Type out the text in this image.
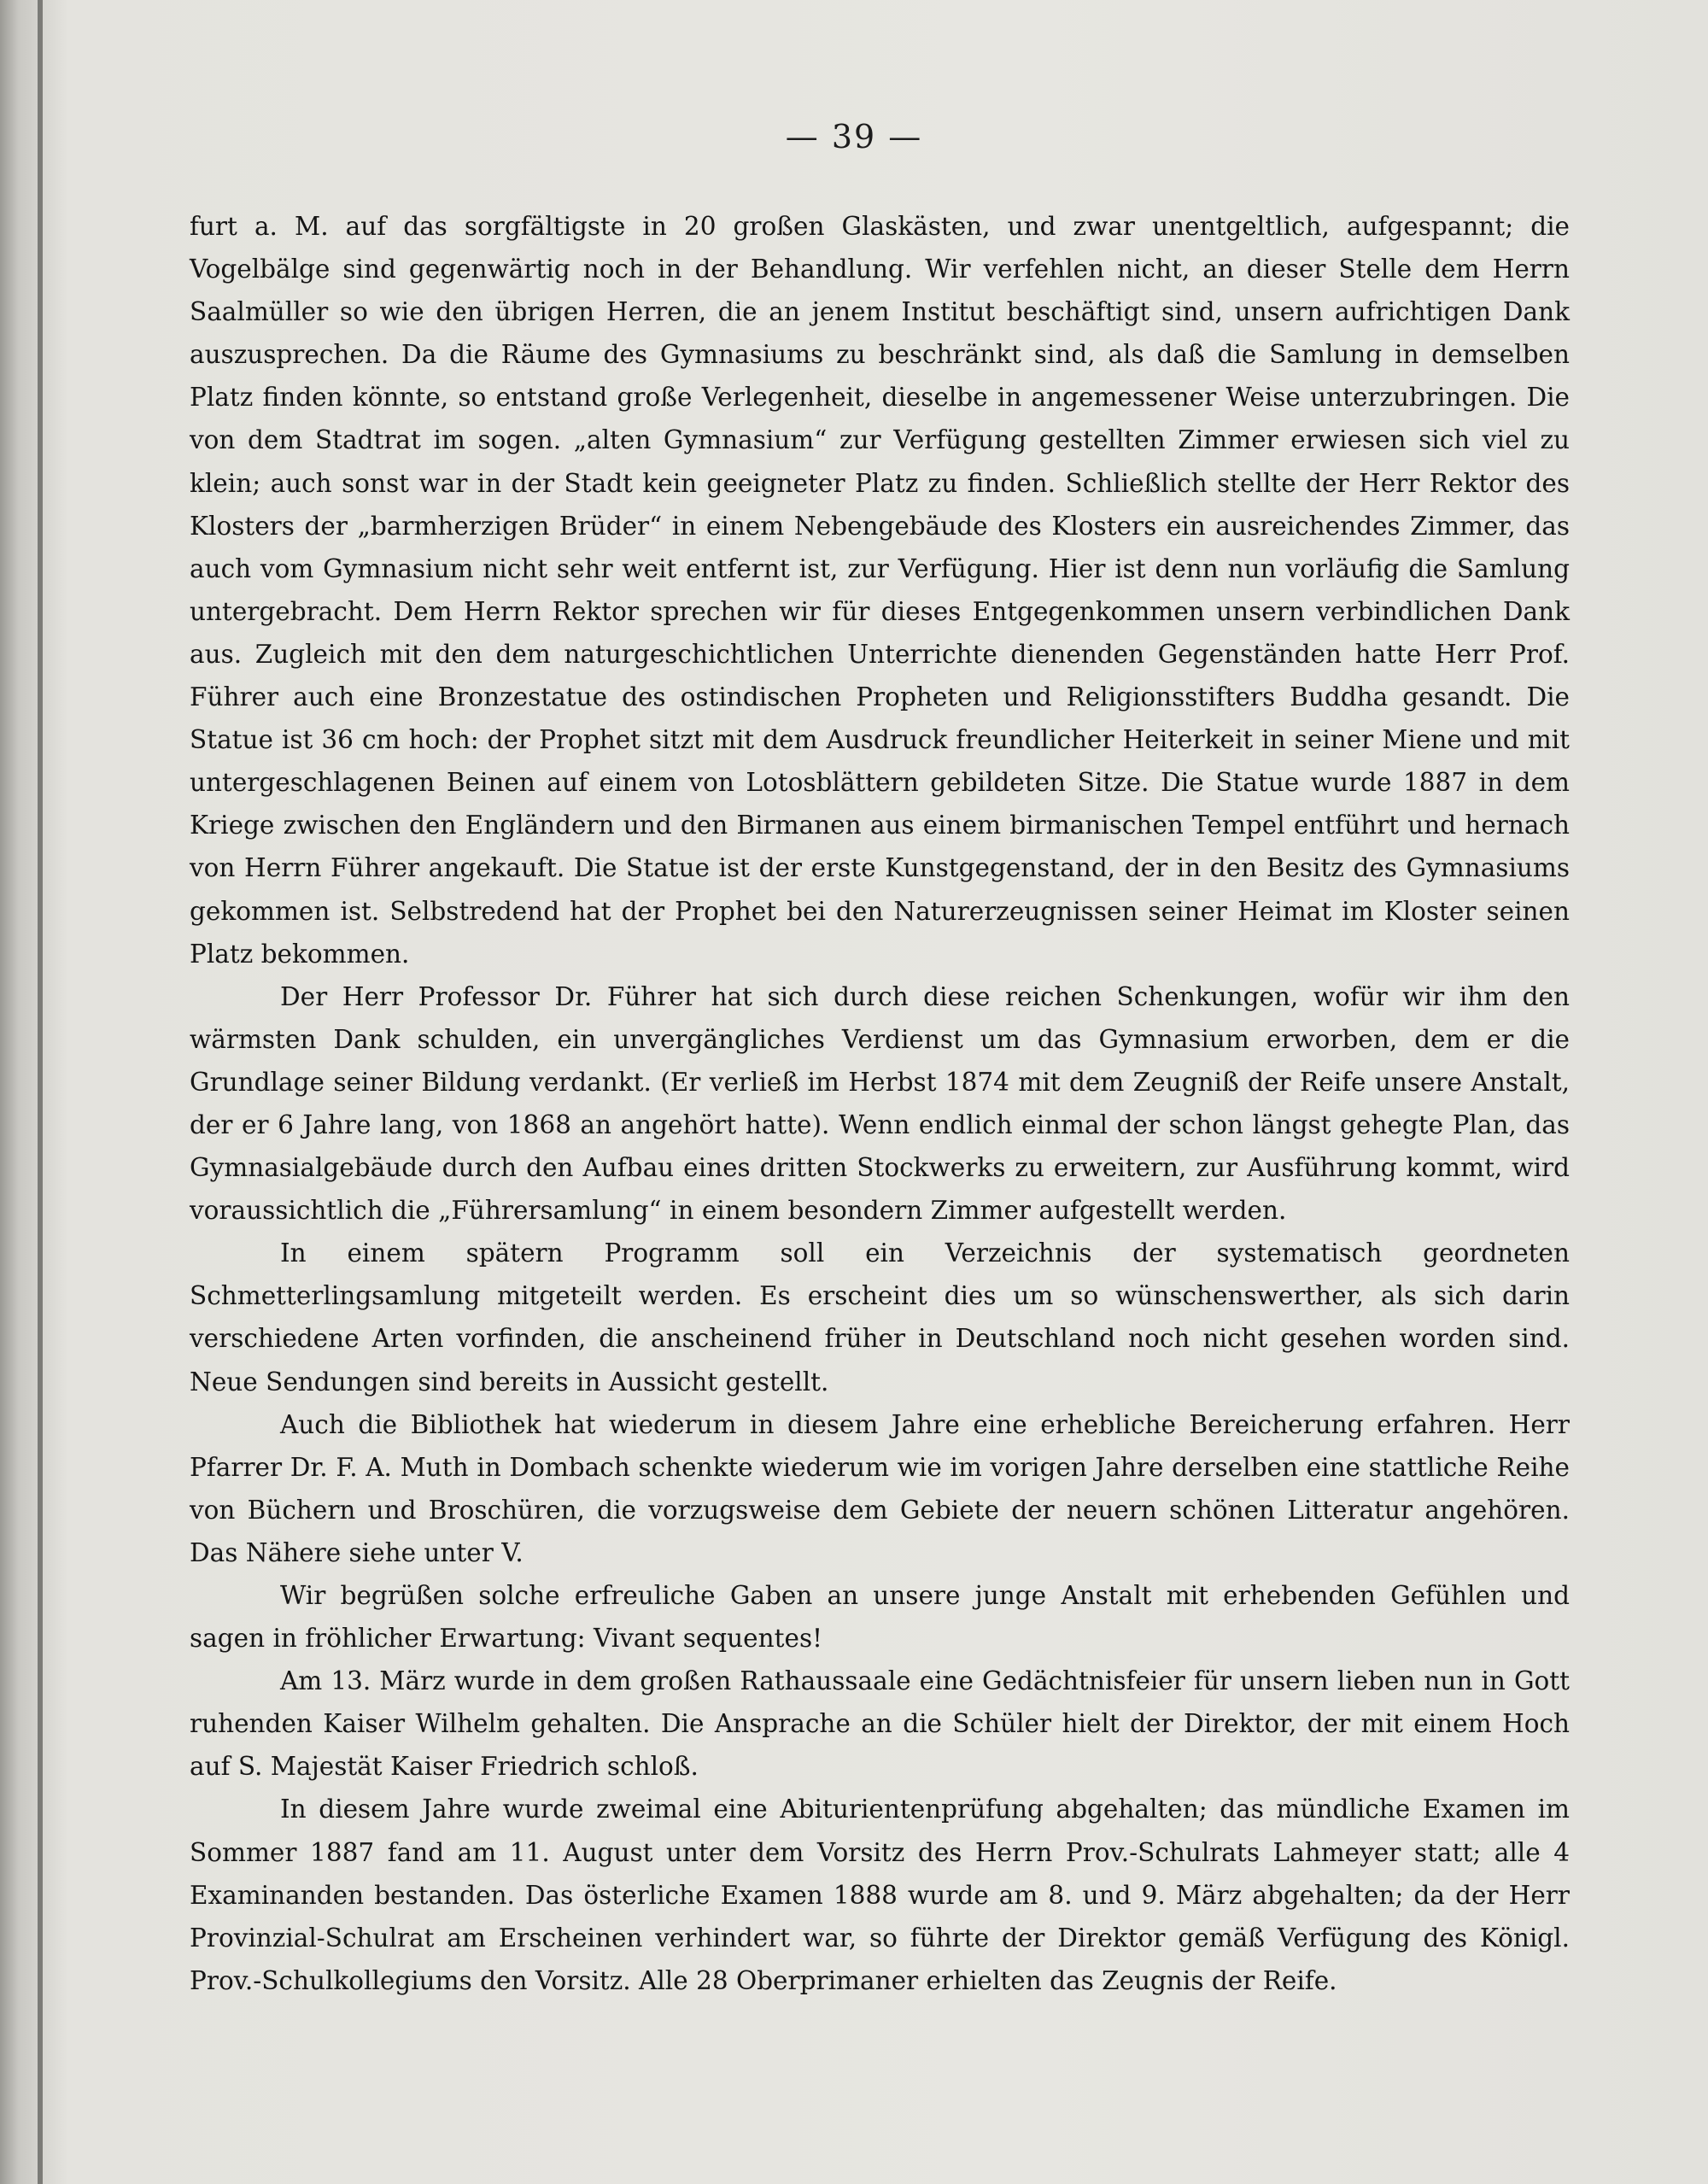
— 39 —

furt a. M. auf das sorgfältigste in 20 großen Glaskästen, und zwar unentgeltlich, aufgespannt; die Vogelbälge sind gegenwärtig noch in der Behandlung. Wir verfehlen nicht, an dieser Stelle dem Herrn Saalmüller so wie den übrigen Herren, die an jenem Institut beschäftigt sind, unsern aufrichtigen Dank auszusprechen. Da die Räume des Gymnasiums zu beschränkt sind, als daß die Samlung in demselben Platz finden könnte, so entstand große Verlegenheit, dieselbe in angemessener Weise unterzubringen. Die von dem Stadtrat im sogen. „alten Gymnasium“ zur Verfügung gestellten Zimmer erwiesen sich viel zu klein; auch sonst war in der Stadt kein geeigneter Platz zu finden. Schließlich stellte der Herr Rektor des Klosters der „barmherzigen Brüder“ in einem Nebengebäude des Klosters ein ausreichendes Zimmer, das auch vom Gymnasium nicht sehr weit entfernt ist, zur Verfügung. Hier ist denn nun vorläufig die Samlung untergebracht. Dem Herrn Rektor sprechen wir für dieses Entgegenkommen unsern verbindlichen Dank aus. Zugleich mit den dem naturgeschichtlichen Unterrichte dienenden Gegenständen hatte Herr Prof. Führer auch eine Bronzestatue des ostindischen Propheten und Religionsstifters Buddha gesandt. Die Statue ist 36 cm hoch: der Prophet sitzt mit dem Ausdruck freundlicher Heiterkeit in seiner Miene und mit untergeschlagenen Beinen auf einem von Lotosblättern gebildeten Sitze. Die Statue wurde 1887 in dem Kriege zwischen den Engländern und den Birmanen aus einem birmanischen Tempel entführt und hernach von Herrn Führer angekauft. Die Statue ist der erste Kunstgegenstand, der in den Besitz des Gymnasiums gekommen ist. Selbstredend hat der Prophet bei den Naturerzeugnissen seiner Heimat im Kloster seinen Platz bekommen.

Der Herr Professor Dr. Führer hat sich durch diese reichen Schenkungen, wofür wir ihm den wärmsten Dank schulden, ein unvergängliches Verdienst um das Gymnasium erworben, dem er die Grundlage seiner Bildung verdankt. (Er verließ im Herbst 1874 mit dem Zeugniß der Reife unsere Anstalt, der er 6 Jahre lang, von 1868 an angehört hatte). Wenn endlich einmal der schon längst gehegte Plan, das Gymnasialgebäude durch den Aufbau eines dritten Stockwerks zu erweitern, zur Ausführung kommt, wird voraussichtlich die „Führersamlung“ in einem besondern Zimmer aufgestellt werden.

In einem spätern Programm soll ein Verzeichnis der systematisch geordneten Schmetterlingsamlung mitgeteilt werden. Es erscheint dies um so wünschenswerther, als sich darin verschiedene Arten vorfinden, die anscheinend früher in Deutschland noch nicht gesehen worden sind. Neue Sendungen sind bereits in Aussicht gestellt.

Auch die Bibliothek hat wiederum in diesem Jahre eine erhebliche Bereicherung erfahren. Herr Pfarrer Dr. F. A. Muth in Dombach schenkte wiederum wie im vorigen Jahre derselben eine stattliche Reihe von Büchern und Broschüren, die vorzugsweise dem Gebiete der neuern schönen Litteratur angehören. Das Nähere siehe unter V.

Wir begrüßen solche erfreuliche Gaben an unsere junge Anstalt mit erhebenden Gefühlen und sagen in fröhlicher Erwartung: Vivant sequentes!

Am 13. März wurde in dem großen Rathaussaale eine Gedächtnisfeier für unsern lieben nun in Gott ruhenden Kaiser Wilhelm gehalten. Die Ansprache an die Schüler hielt der Direktor, der mit einem Hoch auf S. Majestät Kaiser Friedrich schloß.

In diesem Jahre wurde zweimal eine Abiturientenprüfung abgehalten; das mündliche Examen im Sommer 1887 fand am 11. August unter dem Vorsitz des Herrn Prov.-Schulrats Lahmeyer statt; alle 4 Examinanden bestanden. Das österliche Examen 1888 wurde am 8. und 9. März abgehalten; da der Herr Provinzial-Schulrat am Erscheinen verhindert war, so führte der Direktor gemäß Verfügung des Königl. Prov.-Schulkollegiums den Vorsitz. Alle 28 Oberprimaner erhielten das Zeugnis der Reife.
